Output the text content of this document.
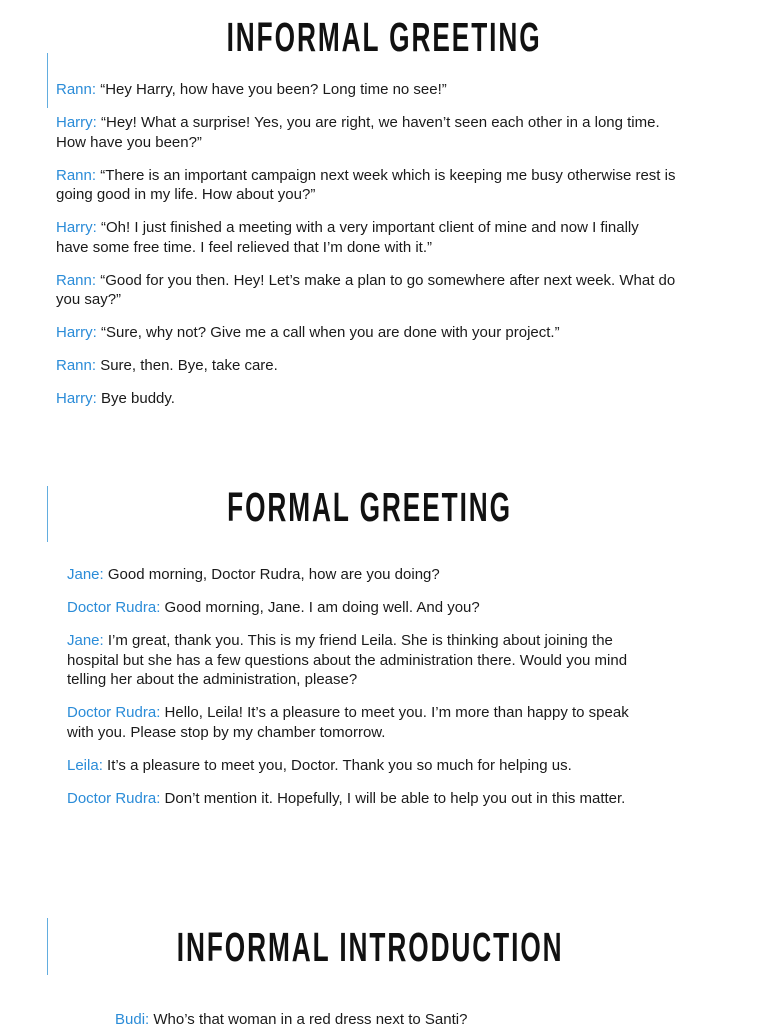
INFORMAL GREETING
Rann: “Hey Harry, how have you been? Long time no see!”
Harry: “Hey! What a surprise! Yes, you are right, we haven’t seen each other in a long time.
How have you been?”
Rann: “There is an important campaign next week which is keeping me busy otherwise rest is
going good in my life. How about you?”
Harry: “Oh! I just finished a meeting with a very important client of mine and now I finally
have some free time. I feel relieved that I’m done with it.”
Rann: “Good for you then. Hey! Let’s make a plan to go somewhere after next week. What do
you say?”
Harry: “Sure, why not? Give me a call when you are done with your project.”
Rann: Sure, then. Bye, take care.
Harry: Bye buddy.
FORMAL GREETING
Jane: Good morning, Doctor Rudra, how are you doing?
Doctor Rudra: Good morning, Jane. I am doing well. And you?
Jane: I’m great, thank you. This is my friend Leila. She is thinking about joining the
hospital but she has a few questions about the administration there. Would you mind
telling her about the administration, please?
Doctor Rudra: Hello, Leila! It’s a pleasure to meet you. I’m more than happy to speak
with you. Please stop by my chamber tomorrow.
Leila: It’s a pleasure to meet you, Doctor. Thank you so much for helping us.
Doctor Rudra: Don’t mention it. Hopefully, I will be able to help you out in this matter.
INFORMAL INTRODUCTION
Budi: Who’s that woman in a red dress next to Santi?
